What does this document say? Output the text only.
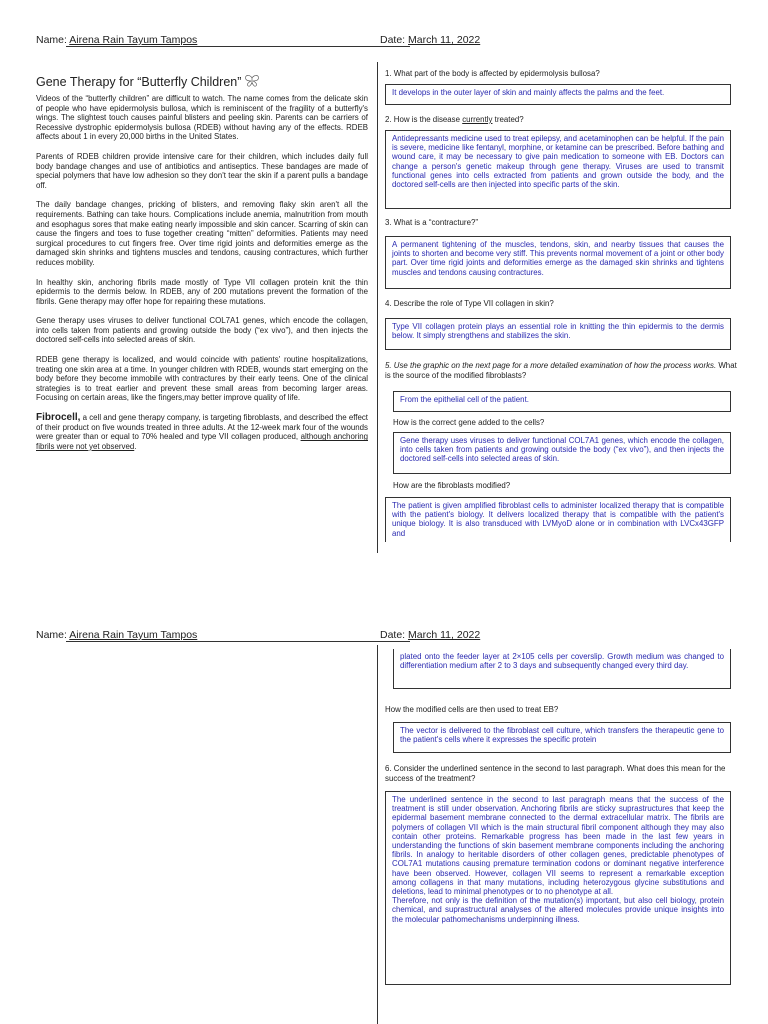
Name: Airena Rain Tayum Tampos	Date: March 11, 2022

Gene Therapy for “Butterfly Children”

Videos of the “butterfly children” are difficult to watch. The name comes from the delicate skin of people who have epidermolysis bullosa, which is reminiscent of the fragility of a butterfly's wings. The slightest touch causes painful blisters and peeling skin. Parents can be carriers of Recessive dystrophic epidermolysis bullosa (RDEB) without having any of the effects. RDEB affects about 1 in every 20,000 births in the United States.

Parents of RDEB children provide intensive care for their children, which includes daily full body bandage changes and use of antibiotics and antiseptics. These bandages are made of special polymers that have low adhesion so they don't tear the skin if a parent pulls a bandage off.

The daily bandage changes, pricking of blisters, and removing flaky skin aren't all the requirements. Bathing can take hours. Complications include anemia, malnutrition from mouth and esophagus sores that make eating nearly impossible and skin cancer. Scarring of skin can cause the fingers and toes to fuse together creating “mitten” deformities. Patients may need surgical procedures to cut fingers free. Over time rigid joints and deformities emerge as the damaged skin shrinks and tightens muscles and tendons, causing contractures, which further reduces mobility.

In healthy skin, anchoring fibrils made mostly of Type VII collagen protein knit the thin epidermis to the dermis below. In RDEB, any of 200 mutations prevent the formation of the fibrils. Gene therapy may offer hope for repairing these mutations.

Gene therapy uses viruses to deliver functional COL7A1 genes, which encode the collagen, into cells taken from patients and growing outside the body (“ex vivo”), and then injects the doctored self-cells into selected areas of skin.

RDEB gene therapy is localized, and would coincide with patients' routine hospitalizations, treating one skin area at a time. In younger children with RDEB, wounds start emerging on the body before they become immobile with contractures by their early teens. One of the clinical strategies is to treat earlier and prevent these small areas from becoming larger areas. Focusing on certain areas, like the fingers,may better improve quality of life.

Fibrocell, a cell and gene therapy company, is targeting fibroblasts, and described the effect of their product on five wounds treated in three adults. At the 12-week mark four of the wounds were greater than or equal to 70% healed and type VII collagen produced, although anchoring fibrils were not yet observed.

1. What part of the body is affected by epidermolysis bullosa?

It develops in the outer layer of skin and mainly affects the palms and the feet.

2. How is the disease currently treated?

Antidepressants medicine used to treat epilepsy, and acetaminophen can be helpful. If the pain is severe, medicine like fentanyl, morphine, or ketamine can be prescribed. Before bathing and wound care, it may be necessary to give pain medication to someone with EB. Doctors can change a person's genetic makeup through gene therapy. Viruses are used to transmit functional genes into cells extracted from patients and grown outside the body, and the doctored self-cells are then injected into specific parts of the skin.

3. What is a “contracture?”

A permanent tightening of the muscles, tendons, skin, and nearby tissues that causes the joints to shorten and become very stiff. This prevents normal movement of a joint or other body part. Over time rigid joints and deformities emerge as the damaged skin shrinks and tightens muscles and tendons causing contractures.

4. Describe the role of Type VII collagen in skin?

Type VII collagen protein plays an essential role in knitting the thin epidermis to the dermis below. It simply strengthens and stabilizes the skin.

5. Use the graphic on the next page for a more detailed examination of how the process works. What is the source of the modified fibroblasts?

From the epithelial cell of the patient.

How is the correct gene added to the cells?

Gene therapy uses viruses to deliver functional COL7A1 genes, which encode the collagen, into cells taken from patients and growing outside the body (“ex vivo”), and then injects the doctored self-cells into selected areas of skin.

How are the fibroblasts modified?

The patient is given amplified fibroblast cells to administer localized therapy that is compatible with the patient's biology. It delivers localized therapy that is compatible with the patient's unique biology. It is also transduced with LVMyoD alone or in combination with LVCx43GFP and

Name: Airena Rain Tayum Tampos	Date: March 11, 2022

plated onto the feeder layer at 2×105 cells per coverslip. Growth medium was changed to differentiation medium after 2 to 3 days and subsequently changed every third day.

How the modified cells are then used to treat EB?

The vector is delivered to the fibroblast cell culture, which transfers the therapeutic gene to the patient's cells where it expresses the specific protein

6. Consider the underlined sentence in the second to last paragraph. What does this mean for the success of the treatment?

The underlined sentence in the second to last paragraph means that the success of the treatment is still under observation. Anchoring fibrils are sticky suprastructures that keep the epidermal basement membrane connected to the dermal extracellular matrix. The fibrils are polymers of collagen VII which is the main structural fibril component although they may also contain other proteins. Remarkable progress has been made in the last few years in understanding the functions of skin basement membrane components including the anchoring fibrils. In analogy to heritable disorders of other collagen genes, predictable phenotypes of COL7A1 mutations causing premature termination codons or dominant negative interference have been observed. However, collagen VII seems to represent a remarkable exception among collagens in that many mutations, including heterozygous glycine substitutions and deletions, lead to minimal phenotypes or to no phenotype at all.

Therefore, not only is the definition of the mutation(s) important, but also cell biology, protein chemical, and suprastructural analyses of the altered molecules provide unique insights into the molecular pathomechanisms underpinning illness.
